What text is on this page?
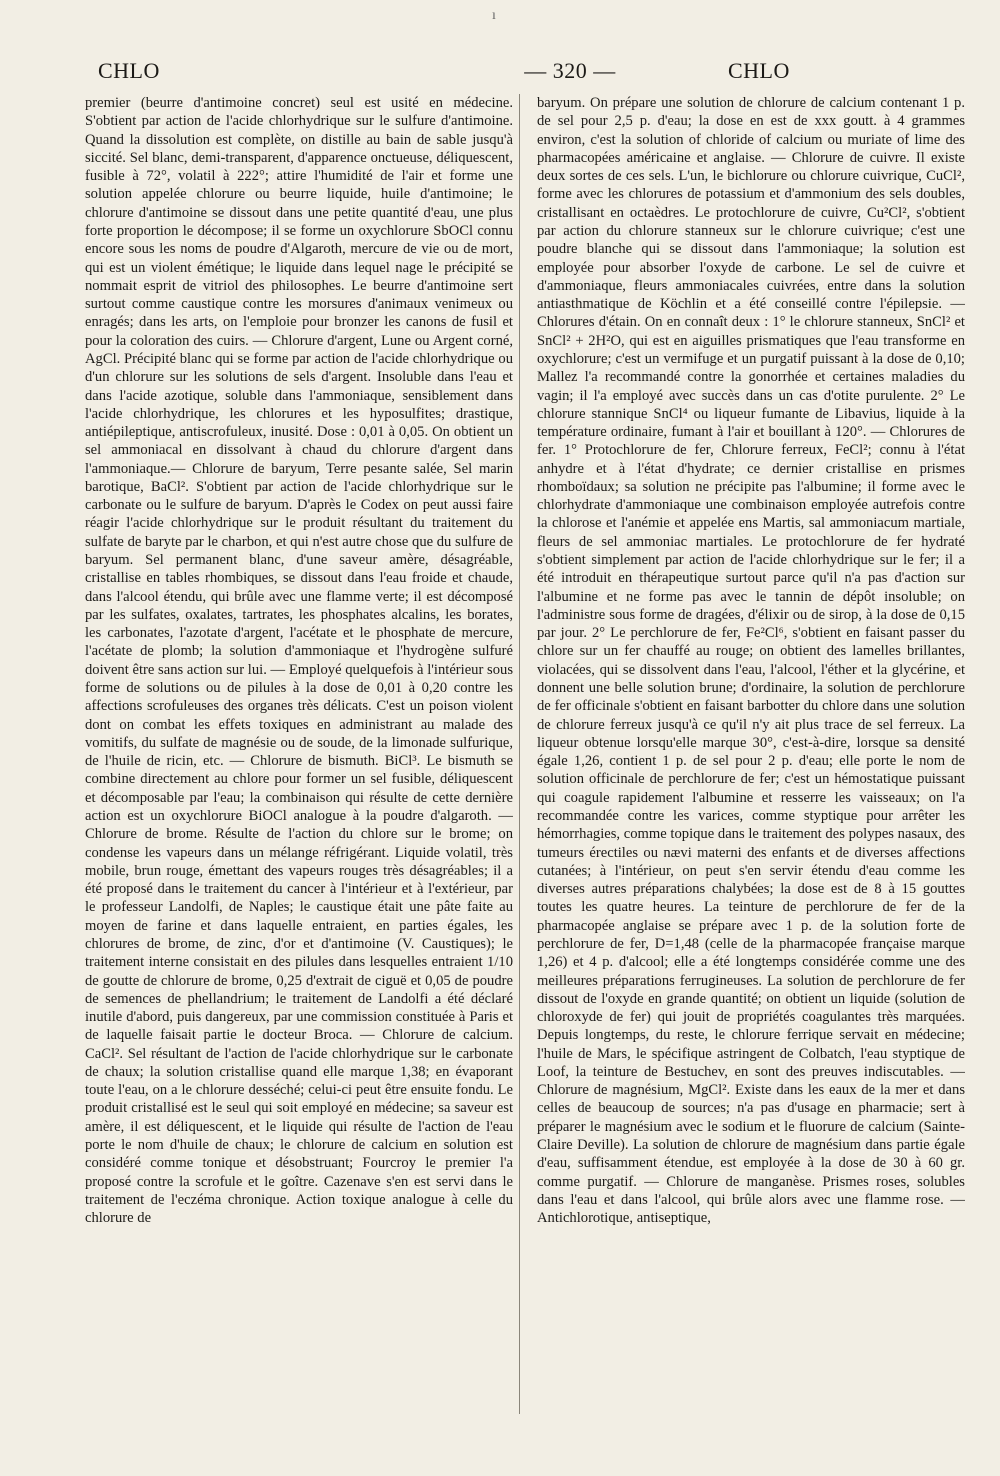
ı
CHLO	— 320 —	CHLO

premier (beurre d'antimoine concret) seul est usité en médecine. S'obtient par action de l'acide chlorhydrique sur le sulfure d'antimoine. Quand la dissolution est complète, on distille au bain de sable jusqu'à siccité. Sel blanc, demi-transparent, d'apparence onctueuse, déliquescent, fusible à 72°, volatil à 222°; attire l'humidité de l'air et forme une solution appelée chlorure ou beurre liquide, huile d'antimoine; le chlorure d'antimoine se dissout dans une petite quantité d'eau, une plus forte proportion le décompose; il se forme un oxychlorure SbOCl connu encore sous les noms de poudre d'Algaroth, mercure de vie ou de mort, qui est un violent émétique; le liquide dans lequel nage le précipité se nommait esprit de vitriol des philosophes. Le beurre d'antimoine sert surtout comme caustique contre les morsures d'animaux venimeux ou enragés; dans les arts, on l'emploie pour bronzer les canons de fusil et pour la coloration des cuirs. — Chlorure d'argent, Lune ou Argent corné, AgCl. Précipité blanc qui se forme par action de l'acide chlorhydrique ou d'un chlorure sur les solutions de sels d'argent. Insoluble dans l'eau et dans l'acide azotique, soluble dans l'ammoniaque, sensiblement dans l'acide chlorhydrique, les chlorures et les hyposulfites; drastique, antiépileptique, antiscrofuleux, inusité. Dose : 0,01 à 0,05. On obtient un sel ammoniacal en dissolvant à chaud du chlorure d'argent dans l'ammoniaque.— Chlorure de baryum, Terre pesante salée, Sel marin barotique, BaCl². S'obtient par action de l'acide chlorhydrique sur le carbonate ou le sulfure de baryum. D'après le Codex on peut aussi faire réagir l'acide chlorhydrique sur le produit résultant du traitement du sulfate de baryte par le charbon, et qui n'est autre chose que du sulfure de baryum. Sel permanent blanc, d'une saveur amère, désagréable, cristallise en tables rhombiques, se dissout dans l'eau froide et chaude, dans l'alcool étendu, qui brûle avec une flamme verte; il est décomposé par les sulfates, oxalates, tartrates, les phosphates alcalins, les borates, les carbonates, l'azotate d'argent, l'acétate et le phosphate de mercure, l'acétate de plomb; la solution d'ammoniaque et l'hydrogène sulfuré doivent être sans action sur lui. — Employé quelquefois à l'intérieur sous forme de solutions ou de pilules à la dose de 0,01 à 0,20 contre les affections scrofuleuses des organes très délicats. C'est un poison violent dont on combat les effets toxiques en administrant au malade des vomitifs, du sulfate de magnésie ou de soude, de la limonade sulfurique, de l'huile de ricin, etc. — Chlorure de bismuth. BiCl³. Le bismuth se combine directement au chlore pour former un sel fusible, déliquescent et décomposable par l'eau; la combinaison qui résulte de cette dernière action est un oxychlorure BiOCl analogue à la poudre d'algaroth. — Chlorure de brome. Résulte de l'action du chlore sur le brome; on condense les vapeurs dans un mélange réfrigérant. Liquide volatil, très mobile, brun rouge, émettant des vapeurs rouges très désagréables; il a été proposé dans le traitement du cancer à l'intérieur et à l'extérieur, par le professeur Landolfi, de Naples; le caustique était une pâte faite au moyen de farine et dans laquelle entraient, en parties égales, les chlorures de brome, de zinc, d'or et d'antimoine (V. Caustiques); le traitement interne consistait en des pilules dans lesquelles entraient 1/10 de goutte de chlorure de brome, 0,25 d'extrait de ciguë et 0,05 de poudre de semences de phellandrium; le traitement de Landolfi a été déclaré inutile d'abord, puis dangereux, par une commission constituée à Paris et de laquelle faisait partie le docteur Broca. — Chlorure de calcium. CaCl². Sel résultant de l'action de l'acide chlorhydrique sur le carbonate de chaux; la solution cristallise quand elle marque 1,38; en évaporant toute l'eau, on a le chlorure desséché; celui-ci peut être ensuite fondu. Le produit cristallisé est le seul qui soit employé en médecine; sa saveur est amère, il est déliquescent, et le liquide qui résulte de l'action de l'eau porte le nom d'huile de chaux; le chlorure de calcium en solution est considéré comme tonique et désobstruant; Fourcroy le premier l'a proposé contre la scrofule et le goître. Cazenave s'en est servi dans le traitement de l'eczéma chronique. Action toxique analogue à celle du chlorure de

baryum. On prépare une solution de chlorure de calcium contenant 1 p. de sel pour 2,5 p. d'eau; la dose en est de xxx goutt. à 4 grammes environ, c'est la solution of chloride of calcium ou muriate of lime des pharmacopées américaine et anglaise. — Chlorure de cuivre. Il existe deux sortes de ces sels. L'un, le bichlorure ou chlorure cuivrique, CuCl², forme avec les chlorures de potassium et d'ammonium des sels doubles, cristallisant en octaèdres. Le protochlorure de cuivre, Cu²Cl², s'obtient par action du chlorure stanneux sur le chlorure cuivrique; c'est une poudre blanche qui se dissout dans l'ammoniaque; la solution est employée pour absorber l'oxyde de carbone. Le sel de cuivre et d'ammoniaque, fleurs ammoniacales cuivrées, entre dans la solution antiasthmatique de Köchlin et a été conseillé contre l'épilepsie. — Chlorures d'étain. On en connaît deux : 1° le chlorure stanneux, SnCl² et SnCl² + 2H²O, qui est en aiguilles prismatiques que l'eau transforme en oxychlorure; c'est un vermifuge et un purgatif puissant à la dose de 0,10; Mallez l'a recommandé contre la gonorrhée et certaines maladies du vagin; il l'a employé avec succès dans un cas d'otite purulente. 2° Le chlorure stannique SnCl⁴ ou liqueur fumante de Libavius, liquide à la température ordinaire, fumant à l'air et bouillant à 120°. — Chlorures de fer. 1° Protochlorure de fer, Chlorure ferreux, FeCl²; connu à l'état anhydre et à l'état d'hydrate; ce dernier cristallise en prismes rhomboïdaux; sa solution ne précipite pas l'albumine; il forme avec le chlorhydrate d'ammoniaque une combinaison employée autrefois contre la chlorose et l'anémie et appelée ens Martis, sal ammoniacum martiale, fleurs de sel ammoniac martiales. Le protochlorure de fer hydraté s'obtient simplement par action de l'acide chlorhydrique sur le fer; il a été introduit en thérapeutique surtout parce qu'il n'a pas d'action sur l'albumine et ne forme pas avec le tannin de dépôt insoluble; on l'administre sous forme de dragées, d'élixir ou de sirop, à la dose de 0,15 par jour. 2° Le perchlorure de fer, Fe²Cl⁶, s'obtient en faisant passer du chlore sur un fer chauffé au rouge; on obtient des lamelles brillantes, violacées, qui se dissolvent dans l'eau, l'alcool, l'éther et la glycérine, et donnent une belle solution brune; d'ordinaire, la solution de perchlorure de fer officinale s'obtient en faisant barbotter du chlore dans une solution de chlorure ferreux jusqu'à ce qu'il n'y ait plus trace de sel ferreux. La liqueur obtenue lorsqu'elle marque 30°, c'est-à-dire, lorsque sa densité égale 1,26, contient 1 p. de sel pour 2 p. d'eau; elle porte le nom de solution officinale de perchlorure de fer; c'est un hémostatique puissant qui coagule rapidement l'albumine et resserre les vaisseaux; on l'a recommandée contre les varices, comme styptique pour arrêter les hémorrhagies, comme topique dans le traitement des polypes nasaux, des tumeurs érectiles ou nævi materni des enfants et de diverses affections cutanées; à l'intérieur, on peut s'en servir étendu d'eau comme les diverses autres préparations chalybées; la dose est de 8 à 15 gouttes toutes les quatre heures. La teinture de perchlorure de fer de la pharmacopée anglaise se prépare avec 1 p. de la solution forte de perchlorure de fer, D=1,48 (celle de la pharmacopée française marque 1,26) et 4 p. d'alcool; elle a été longtemps considérée comme une des meilleures préparations ferrugineuses. La solution de perchlorure de fer dissout de l'oxyde en grande quantité; on obtient un liquide (solution de chloroxyde de fer) qui jouit de propriétés coagulantes très marquées. Depuis longtemps, du reste, le chlorure ferrique servait en médecine; l'huile de Mars, le spécifique astringent de Colbatch, l'eau styptique de Loof, la teinture de Bestuchev, en sont des preuves indiscutables. — Chlorure de magnésium, MgCl². Existe dans les eaux de la mer et dans celles de beaucoup de sources; n'a pas d'usage en pharmacie; sert à préparer le magnésium avec le sodium et le fluorure de calcium (Sainte-Claire Deville). La solution de chlorure de magnésium dans partie égale d'eau, suffisamment étendue, est employée à la dose de 30 à 60 gr. comme purgatif. — Chlorure de manganèse. Prismes roses, solubles dans l'eau et dans l'alcool, qui brûle alors avec une flamme rose. — Antichlorotique, antiseptique,
